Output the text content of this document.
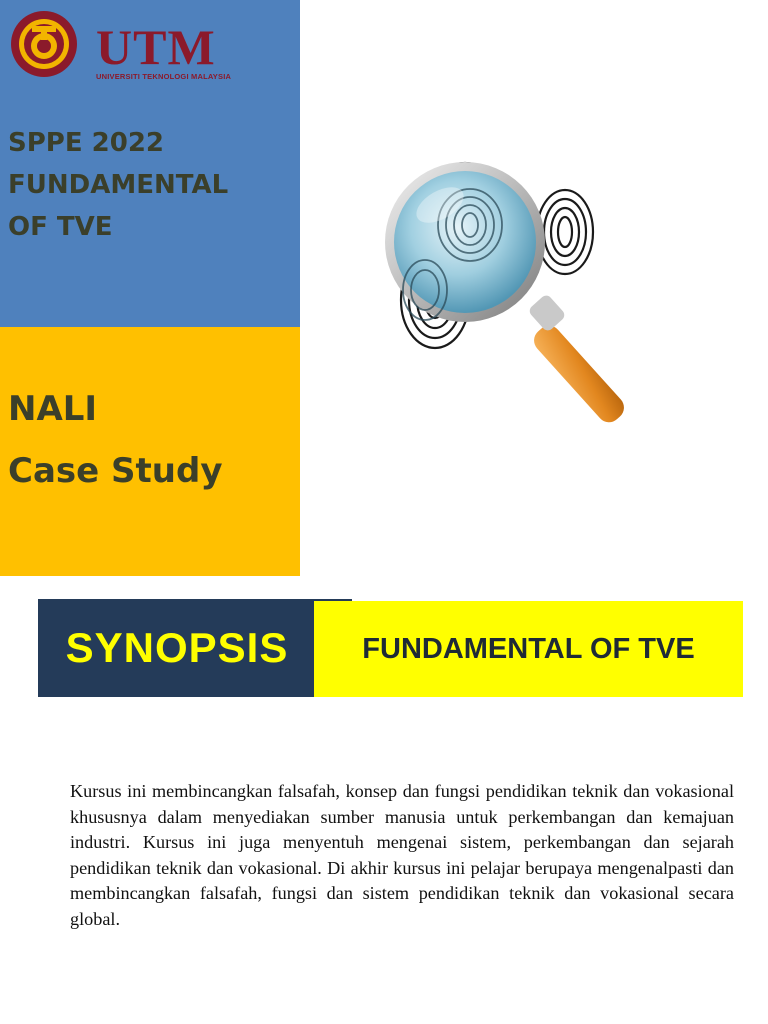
UTM
UNIVERSITI TEKNOLOGI MALAYSIA
SPPE 2022
FUNDAMENTAL
OF TVE
NALI
Case Study
SYNOPSIS	FUNDAMENTAL OF TVE
Kursus ini membincangkan falsafah, konsep dan fungsi pendidikan teknik dan vokasional khususnya dalam menyediakan sumber manusia untuk perkembangan dan kemajuan industri. Kursus ini juga menyentuh mengenai sistem, perkembangan dan sejarah pendidikan teknik dan vokasional. Di akhir kursus ini pelajar berupaya mengenalpasti dan membincangkan falsafah, fungsi dan sistem pendidikan teknik dan vokasional secara global.
